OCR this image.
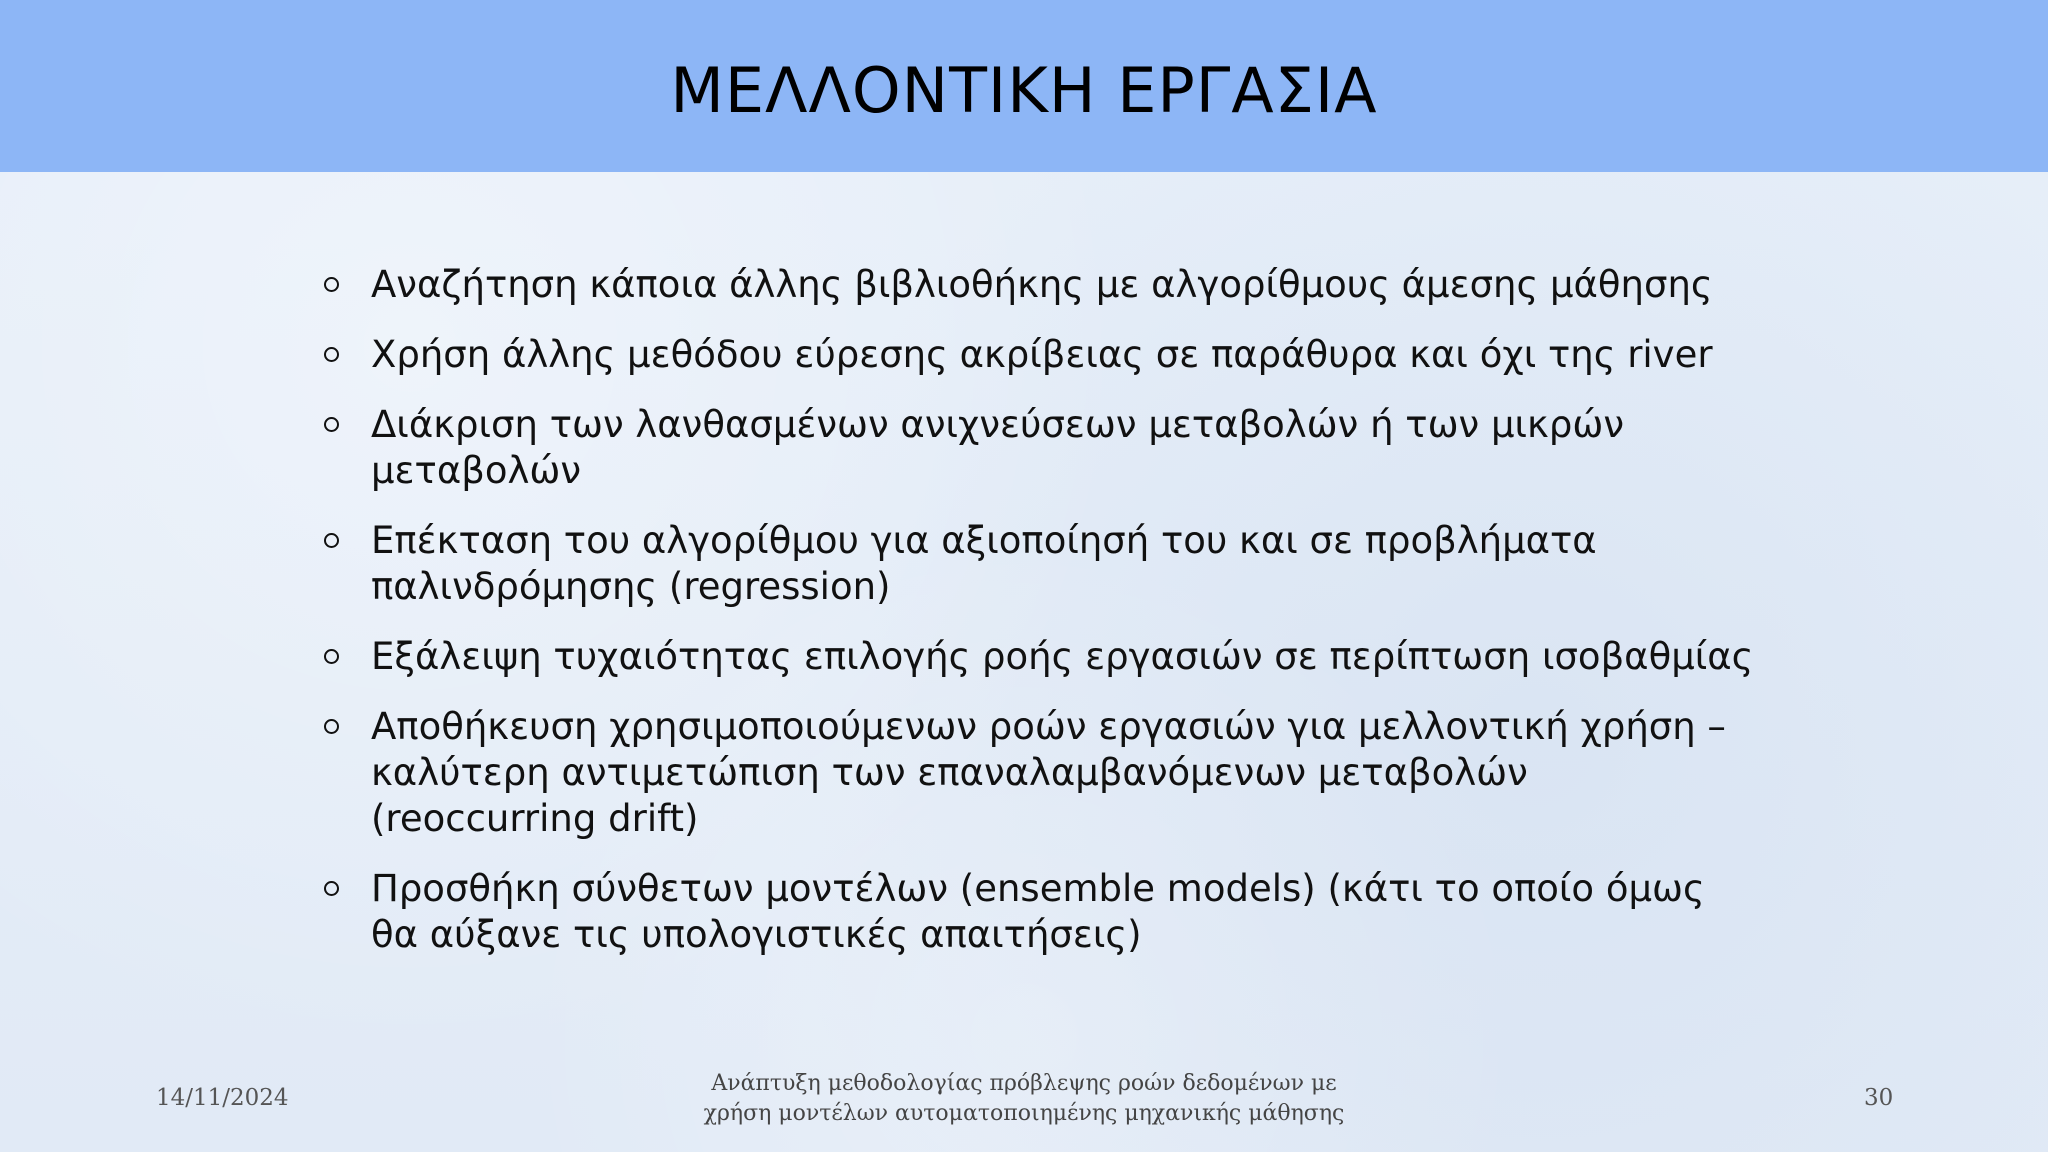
ΜΕΛΛΟΝΤΙΚΗ ΕΡΓΑΣΙΑ
Αναζήτηση κάποια άλλης βιβλιοθήκης με αλγορίθμους άμεσης μάθησης
Χρήση άλλης μεθόδου εύρεσης ακρίβειας σε παράθυρα και όχι της river
Διάκριση των λανθασμένων ανιχνεύσεων μεταβολών ή των μικρών μεταβολών
Επέκταση του αλγορίθμου για αξιοποίησή του και σε προβλήματα παλινδρόμησης (regression)
Εξάλειψη τυχαιότητας επιλογής ροής εργασιών σε περίπτωση ισοβαθμίας
Αποθήκευση χρησιμοποιούμενων ροών εργασιών για μελλοντική χρήση – καλύτερη αντιμετώπιση των επαναλαμβανόμενων μεταβολών (reoccurring drift)
Προσθήκη σύνθετων μοντέλων (ensemble models) (κάτι το οποίο όμως θα αύξανε τις υπολογιστικές απαιτήσεις)
14/11/2024
Ανάπτυξη μεθοδολογίας πρόβλεψης ροών δεδομένων με
χρήση μοντέλων αυτοματοποιημένης μηχανικής μάθησης
30
